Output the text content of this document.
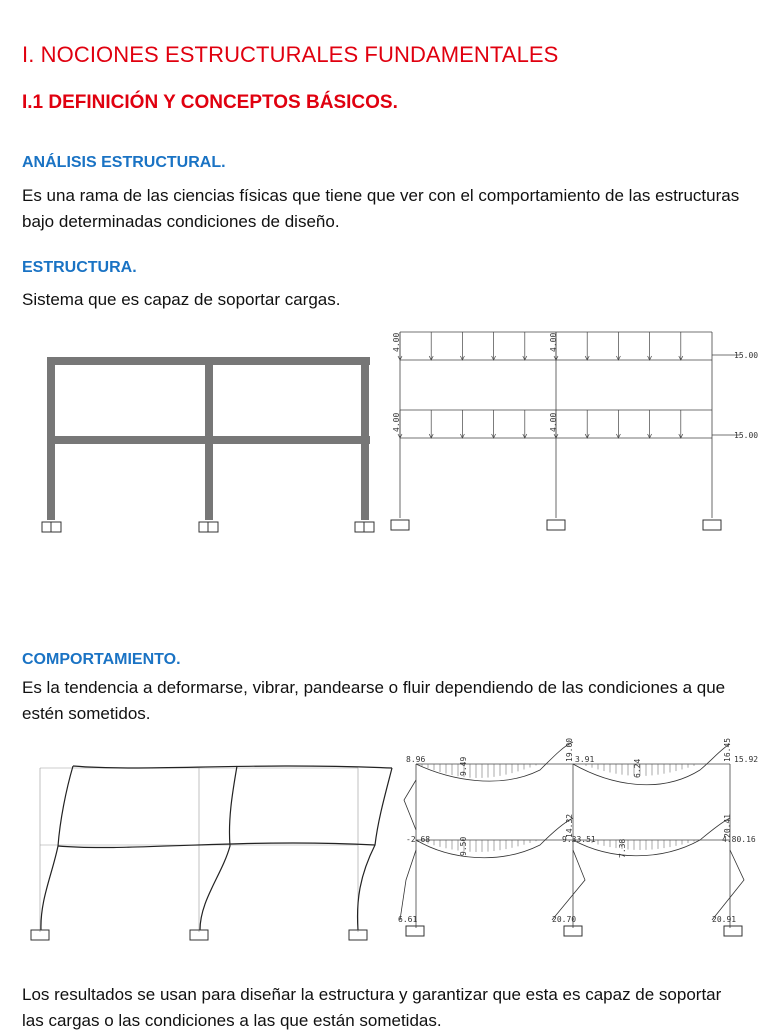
I. NOCIONES ESTRUCTURALES FUNDAMENTALES
I.1 DEFINICIÓN Y CONCEPTOS BÁSICOS.
ANÁLISIS ESTRUCTURAL.

Es una rama de las ciencias físicas que tiene que ver con el comportamiento de las estructuras bajo determinadas condiciones de diseño.

ESTRUCTURA.

Sistema que es capaz de soportar cargas.

4.00	4.00
4.00	4.00
15.00
15.00
COMPORTAMIENTO.

Es la tendencia a deformarse, vibrar, pandearse o fluir dependiendo de las condiciones a que estén sometidos.

8.96	9.49
19.00 3.91	6.24
16.45 15.92
-2.68	9.50
14.32
9.33.51	7.38
20.41
4.80.16
6.61	20.70	20.91

Los resultados se usan para diseñar la estructura y garantizar que esta es capaz de soportar las cargas o las condiciones a las que están sometidas.
